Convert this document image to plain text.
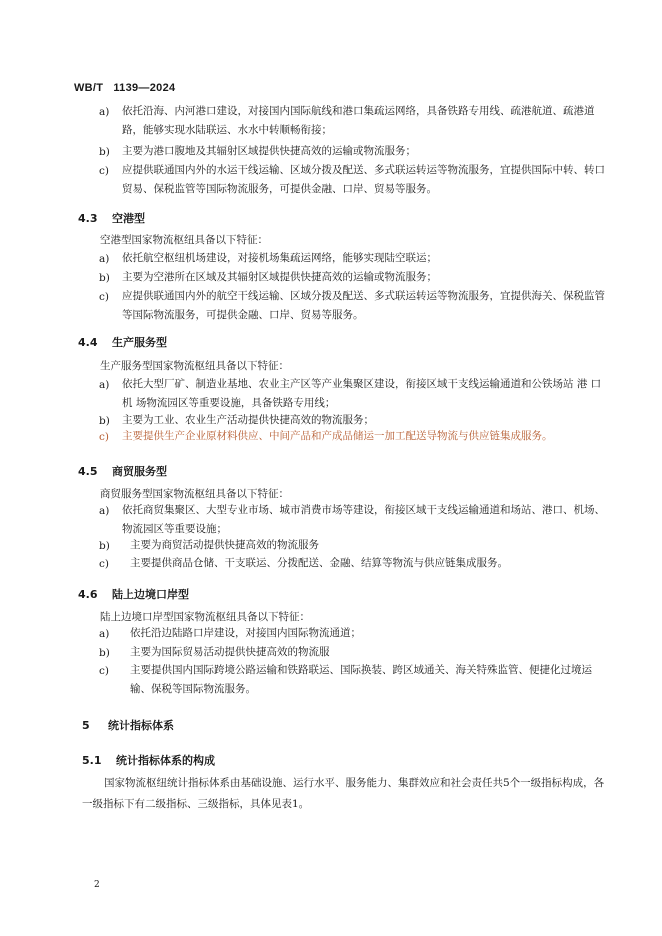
WB/T   1139—2024
a) 依托沿海、内河港口建设，对接国内国际航线和港口集疏运网络，具备铁路专用线、疏港航道、疏港道路，能够实现水陆联运、水水中转顺畅衔接；
b) 主要为港口腹地及其辐射区域提供快捷高效的运输或物流服务；
c) 应提供联通国内外的水运干线运输、区域分拨及配送、多式联运转运等物流服务，宜提供国际中转、转口贸易、保税监管等国际物流服务，可提供金融、口岸、贸易等服务。
4.3 空港型
空港型国家物流枢纽具备以下特征：
a) 依托航空枢纽机场建设，对接机场集疏运网络，能够实现陆空联运；
b) 主要为空港所在区域及其辐射区域提供快捷高效的运输或物流服务；
c) 应提供联通国内外的航空干线运输、区域分拨及配送、多式联运转运等物流服务，宜提供海关、保税监管等国际物流服务，可提供金融、口岸、贸易等服务。
4.4 生产服务型
生产服务型国家物流枢纽具备以下特征：
a) 依托大型厂矿、制造业基地、农业主产区等产业集聚区建设，衔接区域干支线运输通道和公铁场站 港 口 机 场物流园区等重要设施，具备铁路专用线；
b) 主要为工业、农业生产活动提供快捷高效的物流服务；
c) 主要提供生产企业原材料供应、中间产品和产成品储运一加工配送导物流与供应链集成服务。
4.5 商贸服务型
商贸服务型国家物流枢纽具备以下特征：
a) 依托商贸集聚区、大型专业市场、城市消费市场等建设，衔接区域干支线运输通道和场站、港口、机场、物流园区等重要设施；
b) 主要为商贸活动提供快捷高效的物流服务
c) 主要提供商品仓储、干支联运、分拨配送、金融、结算等物流与供应链集成服务。
4.6 陆上边境口岸型
陆上边境口岸型国家物流枢纽具备以下特征：
a) 依托沿边陆路口岸建设，对接国内国际物流通道；
b) 主要为国际贸易活动提供快捷高效的物流服
c) 主要提供国内国际跨境公路运输和铁路联运、国际换装、跨区域通关、海关特殊监管、便捷化过境运输、保税等国际物流服务。
5 统计指标体系
5.1 统计指标体系的构成
国家物流枢纽统计指标体系由基础设施、运行水平、服务能力、集群效应和社会责任共5个一级指标构成，各一级指标下有二级指标、三级指标，具体见表1。
2
